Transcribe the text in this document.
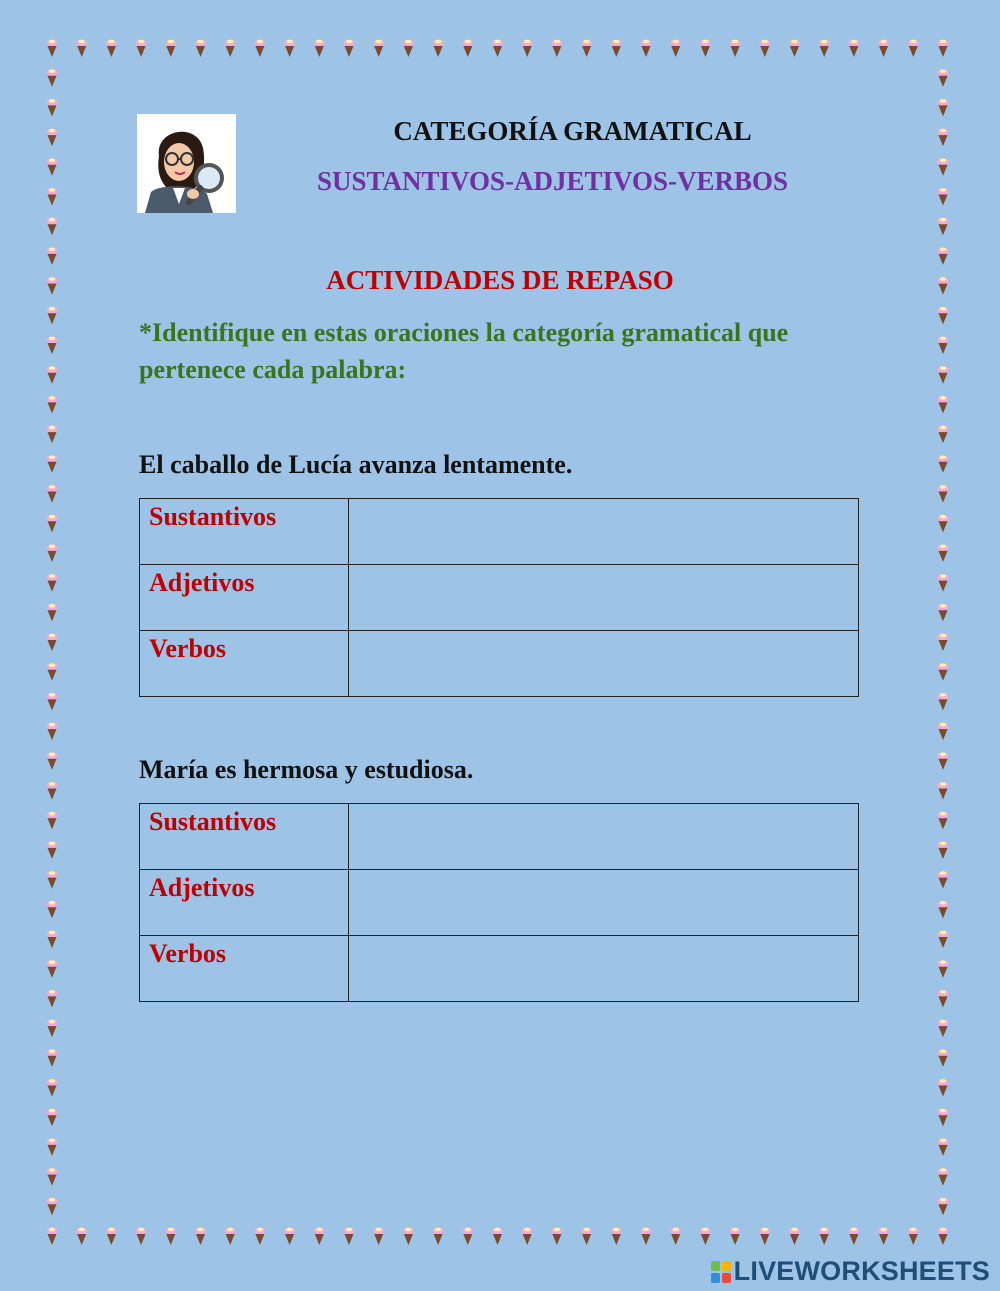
CATEGORÍA GRAMATICAL
SUSTANTIVOS-ADJETIVOS-VERBOS
ACTIVIDADES DE REPASO
*Identifique en estas oraciones la categoría gramatical que pertenece cada palabra:
El caballo de Lucía avanza lentamente.
Sustantivos	

Adjetivos	

Verbos	

María es hermosa y estudiosa.
Sustantivos	

Adjetivos	

Verbos	

LIVEWORKSHEETS
